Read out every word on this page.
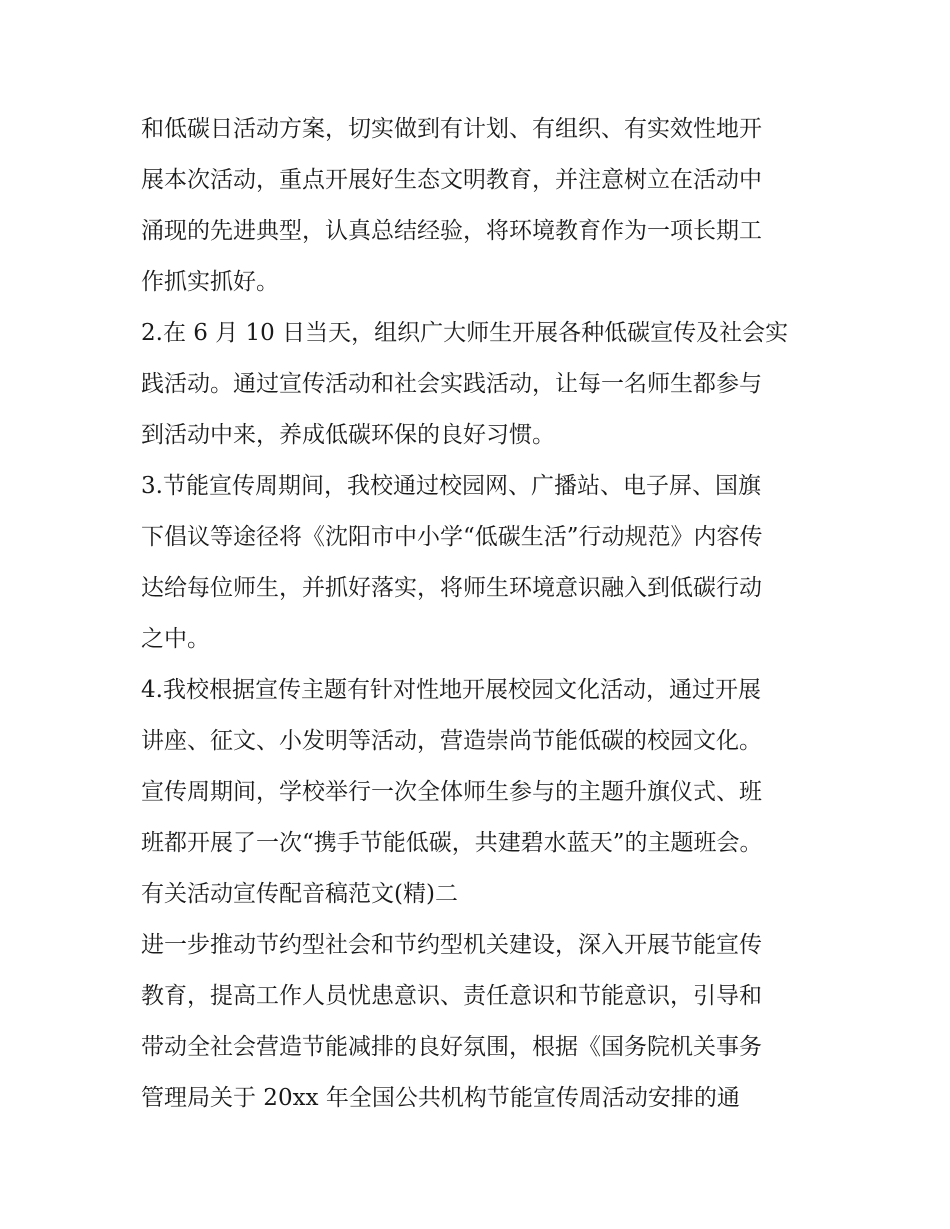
和低碳日活动方案，切实做到有计划、有组织、有实效性地开
展本次活动，重点开展好生态文明教育，并注意树立在活动中
涌现的先进典型，认真总结经验，将环境教育作为一项长期工
作抓实抓好。
2.在 6 月 10 日当天，组织广大师生开展各种低碳宣传及社会实
践活动。通过宣传活动和社会实践活动，让每一名师生都参与
到活动中来，养成低碳环保的良好习惯。
3.节能宣传周期间，我校通过校园网、广播站、电子屏、国旗
下倡议等途径将《沈阳市中小学“低碳生活”行动规范》内容传
达给每位师生，并抓好落实，将师生环境意识融入到低碳行动
之中。
4.我校根据宣传主题有针对性地开展校园文化活动，通过开展
讲座、征文、小发明等活动，营造崇尚节能低碳的校园文化。
宣传周期间，学校举行一次全体师生参与的主题升旗仪式、班
班都开展了一次“携手节能低碳，共建碧水蓝天”的主题班会。
有关活动宣传配音稿范文(精)二
进一步推动节约型社会和节约型机关建设，深入开展节能宣传
教育，提高工作人员忧患意识、责任意识和节能意识，引导和
带动全社会营造节能减排的良好氛围，根据《国务院机关事务
管理局关于 20xx 年全国公共机构节能宣传周活动安排的通
